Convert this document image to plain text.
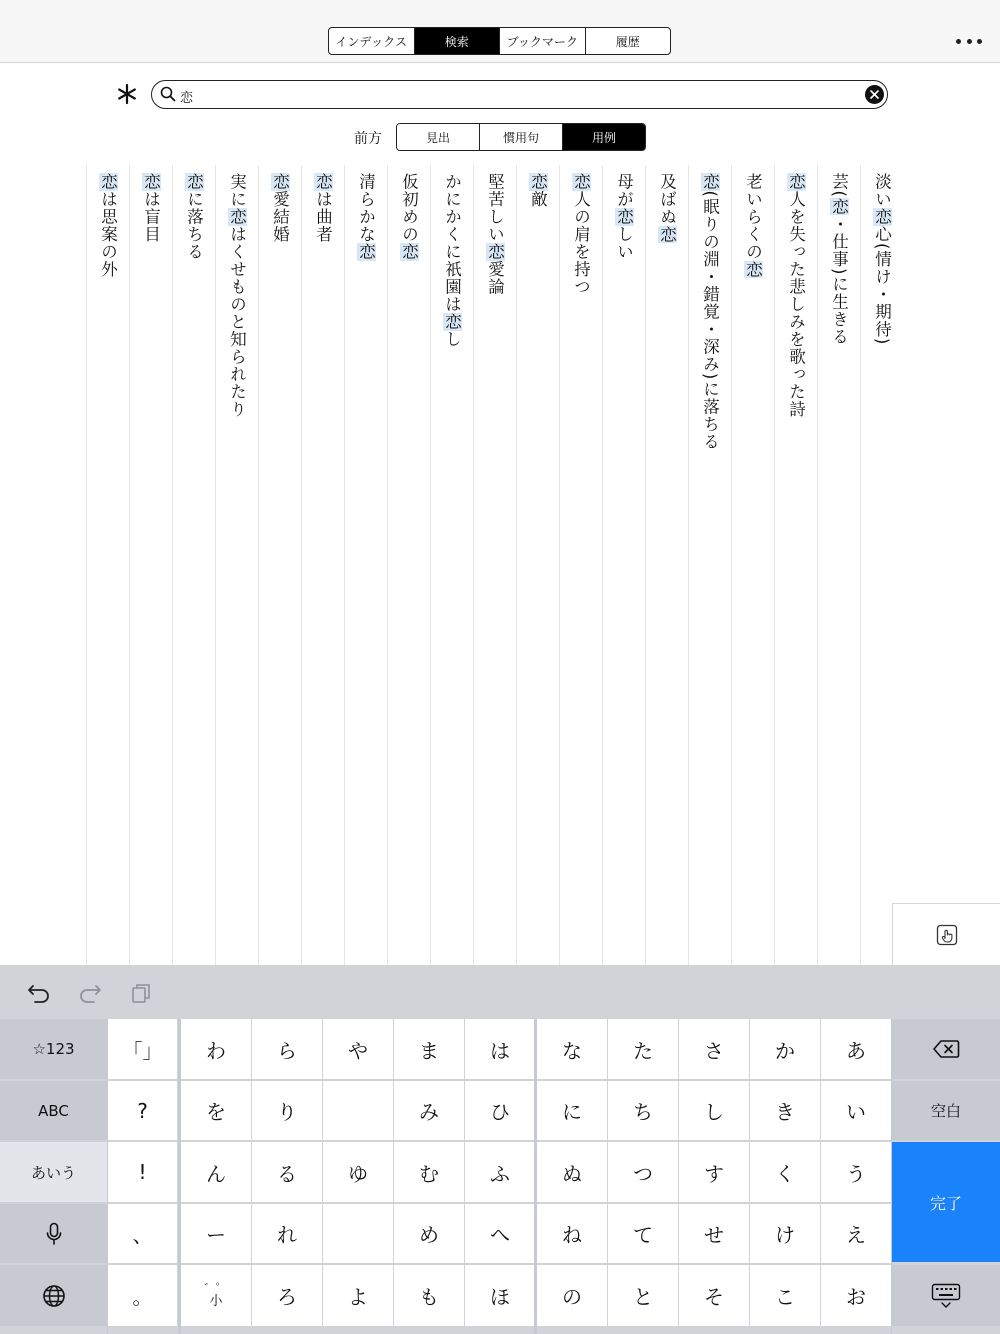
インデックス	検索	ブックマーク	履歴
恋
前方	見出	慣用句	用例
淡い恋心(情け・期待)
芸(恋・仕事)に生きる
恋人を失った悲しみを歌った詩
老いらくの恋
恋(眠りの淵・錯覚・深み)に落ちる
及ばぬ恋
母が恋しい
恋人の肩を持つ
恋敵
堅苦しい恋愛論
かにかくに祇園は恋し
仮初めの恋
清らかな恋
恋は曲者
恋愛結婚
実に恋はくせものと知られたり
恋に落ちる
恋は盲目
恋は思案の外
☆123
ABC
あいう
「」
?
!
、
。
わ
を
ん
ー
゛゜
小
ら
り
る
れ
ろ
や
ゆ
よ
ま
み
む
め
も
は
ひ
ふ
へ
ほ
な
に
ぬ
ね
の
た
ち
つ
て
と
さ
し
す
せ
そ
か
き
く
け
こ
あ
い
う
え
お
空白
完了
